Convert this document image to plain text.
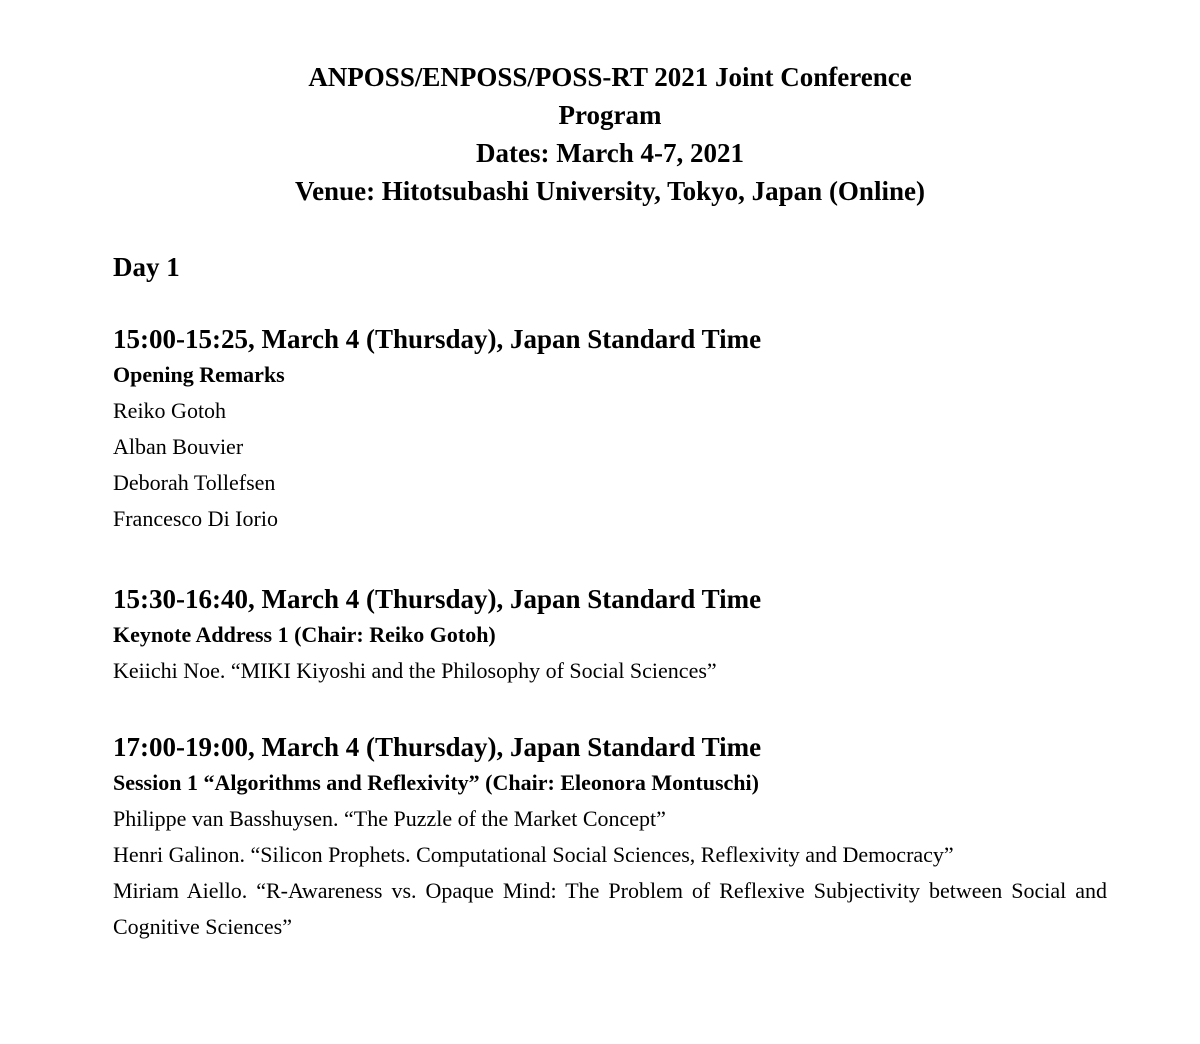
ANPOSS/ENPOSS/POSS-RT 2021 Joint Conference
Program
Dates: March 4-7, 2021
Venue: Hitotsubashi University, Tokyo, Japan (Online)
Day 1
15:00-15:25, March 4 (Thursday), Japan Standard Time
Opening Remarks
Reiko Gotoh
Alban Bouvier
Deborah Tollefsen
Francesco Di Iorio
15:30-16:40, March 4 (Thursday), Japan Standard Time
Keynote Address 1 (Chair: Reiko Gotoh)
Keiichi Noe. “MIKI Kiyoshi and the Philosophy of Social Sciences”
17:00-19:00, March 4 (Thursday), Japan Standard Time
Session 1 “Algorithms and Reflexivity” (Chair: Eleonora Montuschi)
Philippe van Basshuysen. “The Puzzle of the Market Concept”
Henri Galinon. “Silicon Prophets. Computational Social Sciences, Reflexivity and Democracy”
Miriam Aiello. “R-Awareness vs. Opaque Mind: The Problem of Reflexive Subjectivity between Social and Cognitive Sciences”
